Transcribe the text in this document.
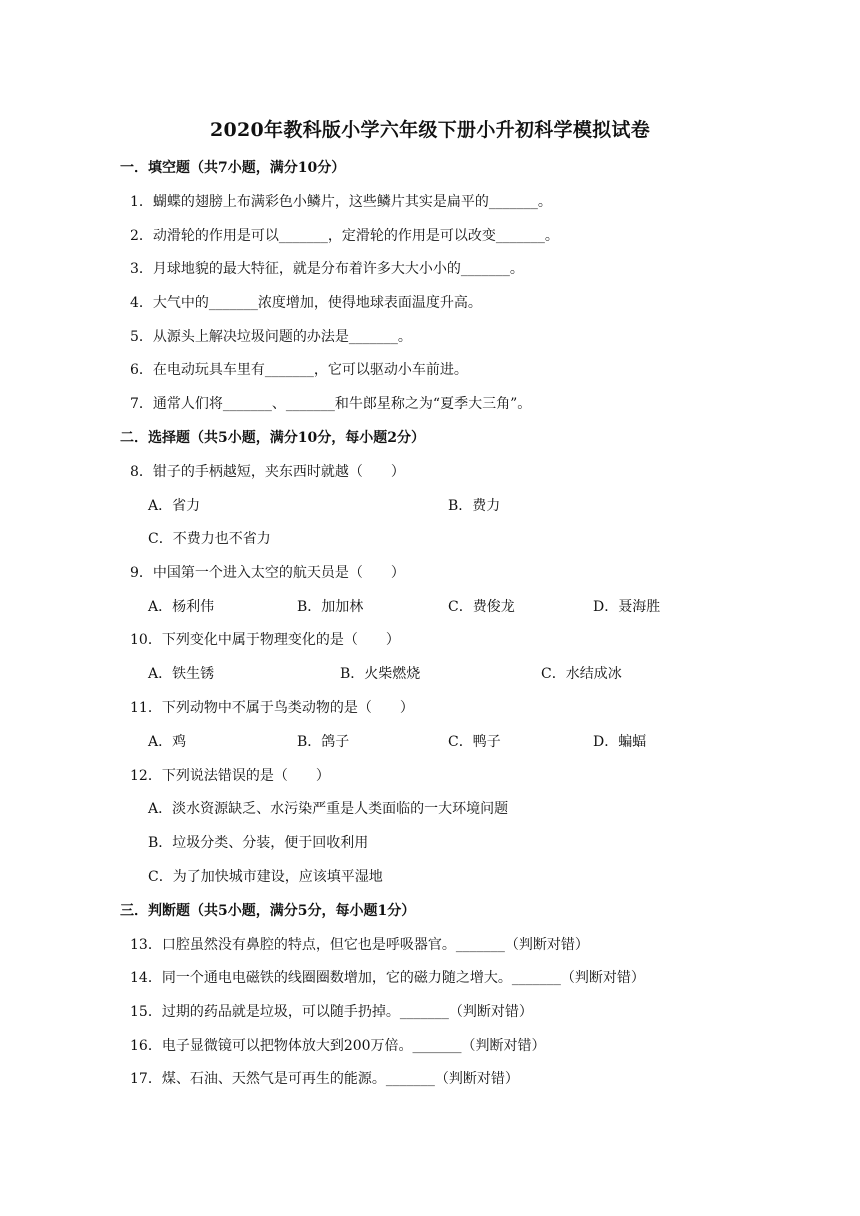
2020年教科版小学六年级下册小升初科学模拟试卷
一．填空题（共7小题，满分10分）
1．蝴蝶的翅膀上布满彩色小鳞片，这些鳞片其实是扁平的_______。
2．动滑轮的作用是可以_______，定滑轮的作用是可以改变_______。
3．月球地貌的最大特征，就是分布着许多大大小小的_______。
4．大气中的_______浓度增加，使得地球表面温度升高。
5．从源头上解决垃圾问题的办法是_______。
6．在电动玩具车里有_______，它可以驱动小车前进。
7．通常人们将_______、_______和牛郎星称之为“夏季大三角”。
二．选择题（共5小题，满分10分，每小题2分）
8．钳子的手柄越短，夹东西时就越（　　）
A．省力	B．费力
C．不费力也不省力
9．中国第一个进入太空的航天员是（　　）
A．杨利伟	B．加加林	C．费俊龙	D．聂海胜
10．下列变化中属于物理变化的是（　　）
A．铁生锈	B．火柴燃烧	C．水结成冰
11．下列动物中不属于鸟类动物的是（　　）
A．鸡	B．鸽子	C．鸭子	D．蝙蝠
12．下列说法错误的是（　　）
A．淡水资源缺乏、水污染严重是人类面临的一大环境问题
B．垃圾分类、分装，便于回收利用
C．为了加快城市建设，应该填平湿地
三．判断题（共5小题，满分5分，每小题1分）
13．口腔虽然没有鼻腔的特点，但它也是呼吸器官。_______（判断对错）
14．同一个通电电磁铁的线圈圈数增加，它的磁力随之增大。_______（判断对错）
15．过期的药品就是垃圾，可以随手扔掉。_______（判断对错）
16．电子显微镜可以把物体放大到200万倍。_______（判断对错）
17．煤、石油、天然气是可再生的能源。_______（判断对错）
